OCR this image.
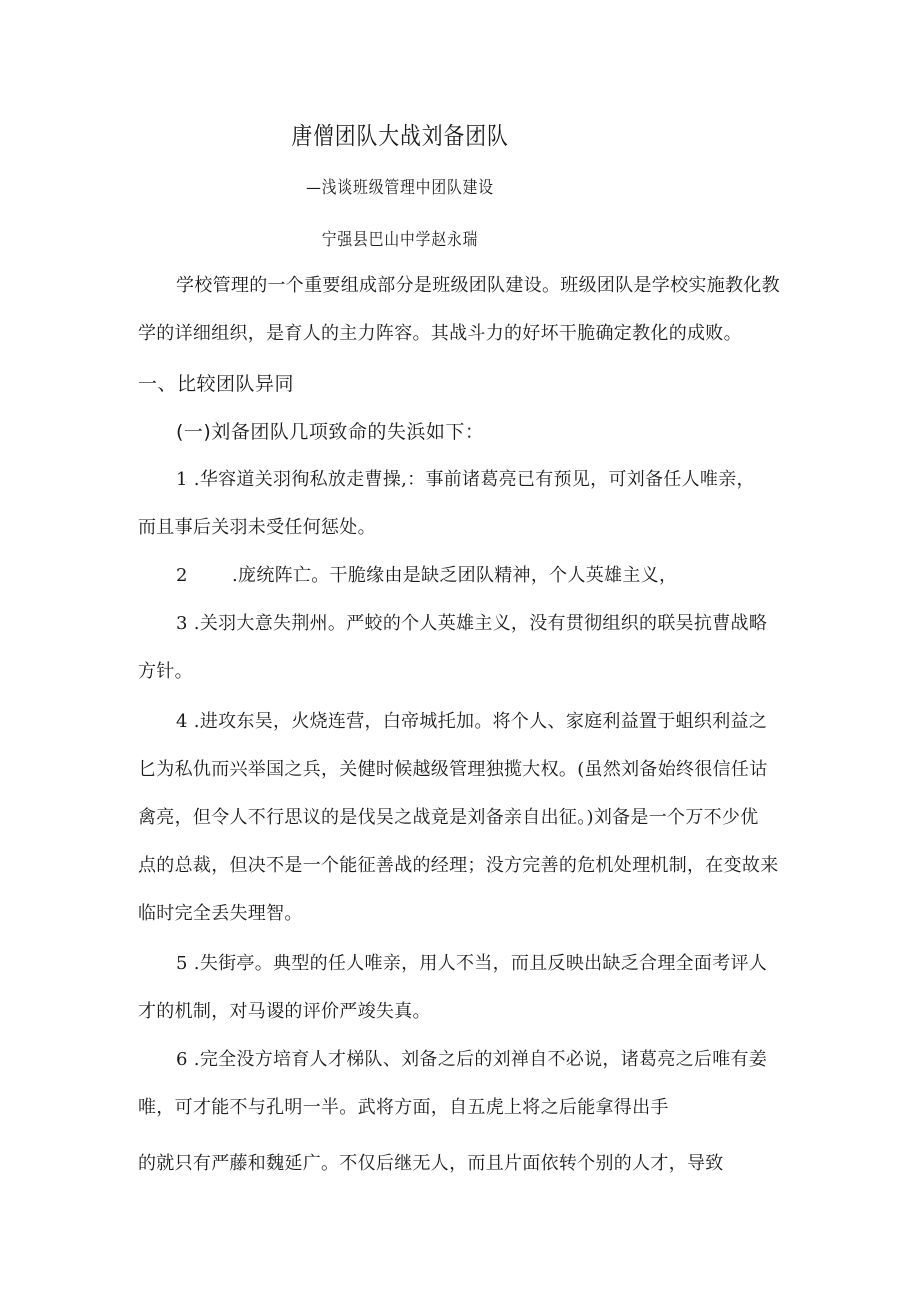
唐僧团队大战刘备团队
—浅谈班级管理中团队建设
宁强县巴山中学赵永瑞
学校管理的一个重要组成部分是班级团队建设。班级团队是学校实施教化教
学的详细组织，是育人的主力阵容。其战斗力的好坏干脆确定教化的成败。
一、比较团队异同
(一)刘备团队几项致命的失浜如下：
1 .华容道关羽徇私放走曹操,：事前诸葛亮已有预见，可刘备任人唯亲，
而且事后关羽未受任何惩处。
2 .庞统阵亡。干脆缘由是缺乏团队精神，个人英雄主义，
3 .关羽大意失荆州。严蛟的个人英雄主义，没有贯彻组织的联吴抗曹战略
方针。
4 .进攻东吴，火烧连营，白帝城托加。将个人、家庭利益置于蛆织利益之
匕为私仇而兴举国之兵，关健时候越级管理独揽大权。(虽然刘备始终很信任诂
禽亮，但令人不行思议的是伐吴之战竟是刘备亲自出征。)刘备是一个万不少优
点的总裁，但决不是一个能征善战的经理；没方完善的危机处理机制，在变故来
临时完全丢失理智。
5 .失街亭。典型的任人唯亲，用人不当，而且反映出缺乏合理全面考评人
才的机制，对马谡的评价严竣失真。
6 .完全没方培育人才梯队、刘备之后的刘禅自不必说，诸葛亮之后唯有姜
唯，可才能不与孔明一半。武将方面，自五虎上将之后能拿得出手
的就只有严藤和魏延广。不仅后继无人，而且片面依转个别的人才，导致
